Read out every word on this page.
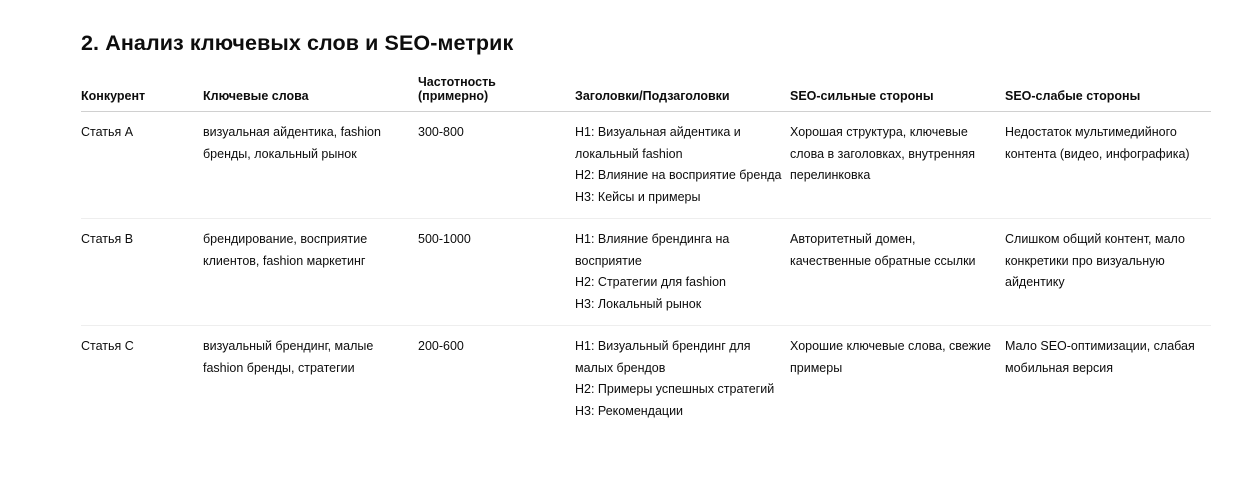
2. Анализ ключевых слов и SEO-метрик
Конкурент	Ключевые слова	Частотность (примерно)	Заголовки/Подзаголовки	SEO-сильные стороны	SEO-слабые стороны
Статья A	визуальная айдентика, fashion бренды, локальный рынок	300-800	H1: Визуальная айдентика и локальный fashion
H2: Влияние на восприятие бренда
H3: Кейсы и примеры	Хорошая структура, ключевые слова в заголовках, внутренняя перелинковка	Недостаток мультимедийного контента (видео, инфографика)
Статья B	брендирование, восприятие клиентов, fashion маркетинг	500-1000	H1: Влияние брендинга на восприятие
H2: Стратегии для fashion
H3: Локальный рынок	Авторитетный домен, качественные обратные ссылки	Слишком общий контент, мало конкретики про визуальную айдентику
Статья C	визуальный брендинг, малые fashion бренды, стратегии	200-600	H1: Визуальный брендинг для малых брендов
H2: Примеры успешных стратегий
H3: Рекомендации	Хорошие ключевые слова, свежие примеры	Мало SEO-оптимизации, слабая мобильная версия
